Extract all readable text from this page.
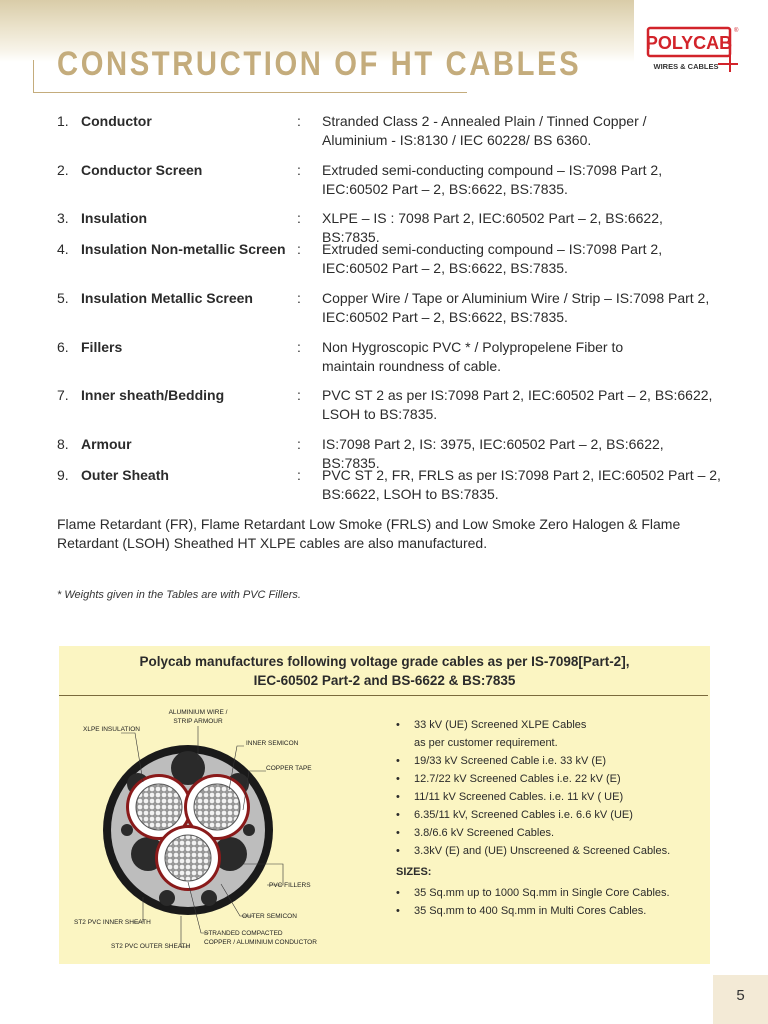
CONSTRUCTION OF HT CABLES
POLYCAB
®
WIRES & CABLES
1. Conductor	: Stranded Class 2 - Annealed Plain / Tinned Copper /
Aluminium - IS:8130 / IEC 60228/ BS 6360.
2. Conductor Screen	: Extruded semi-conducting compound – IS:7098 Part 2,
IEC:60502 Part – 2, BS:6622, BS:7835.
3. Insulation	: XLPE – IS : 7098 Part 2, IEC:60502 Part – 2, BS:6622, BS:7835.
4. Insulation Non-metallic Screen : Extruded semi-conducting compound – IS:7098 Part 2,
IEC:60502 Part – 2, BS:6622, BS:7835.
5. Insulation Metallic Screen	: Copper Wire / Tape or Aluminium Wire / Strip – IS:7098 Part 2,
IEC:60502 Part – 2, BS:6622, BS:7835.
6. Fillers	: Non Hygroscopic PVC * / Polypropelene Fiber to
maintain roundness of cable.
7. Inner sheath/Bedding	: PVC ST 2 as per IS:7098 Part 2, IEC:60502 Part – 2, BS:6622,
LSOH to BS:7835.
8. Armour	: IS:7098 Part 2, IS: 3975, IEC:60502 Part – 2, BS:6622, BS:7835.
9. Outer Sheath	: PVC ST 2, FR, FRLS as per IS:7098 Part 2, IEC:60502 Part – 2,
BS:6622, LSOH to BS:7835.

Flame Retardant (FR), Flame Retardant Low Smoke (FRLS) and Low Smoke Zero Halogen & Flame Retardant (LSOH) Sheathed HT XLPE cables are also manufactured.

* Weights given in the Tables are with PVC Fillers.
Polycab manufactures following voltage grade cables as per IS-7098[Part-2],
IEC-60502 Part-2 and BS-6622 & BS:7835
ALUMINIUM WIRE /
STRIP ARMOUR
XLPE INSULATION
INNER SEMICON
COPPER TAPE
PVC FILLERS
OUTER SEMICON
ST2 PVC INNER SHEATH
STRANDED COMPACTED
COPPER / ALUMINIUM CONDUCTOR
ST2 PVC OUTER SHEATH
• 33 kV (UE) Screened XLPE Cables
as per customer requirement.
• 19/33 kV Screened Cable i.e. 33 kV (E)
• 12.7/22 kV Screened Cables i.e. 22 kV (E)
• 11/11 kV Screened Cables. i.e. 11 kV ( UE)
• 6.35/11 kV, Screened Cables i.e. 6.6 kV (UE)
• 3.8/6.6 kV Screened Cables.
• 3.3kV (E) and (UE) Unscreened & Screened Cables.
SIZES:
• 35 Sq.mm up to 1000 Sq.mm in Single Core Cables.
• 35 Sq.mm to 400 Sq.mm in Multi Cores Cables.
5
